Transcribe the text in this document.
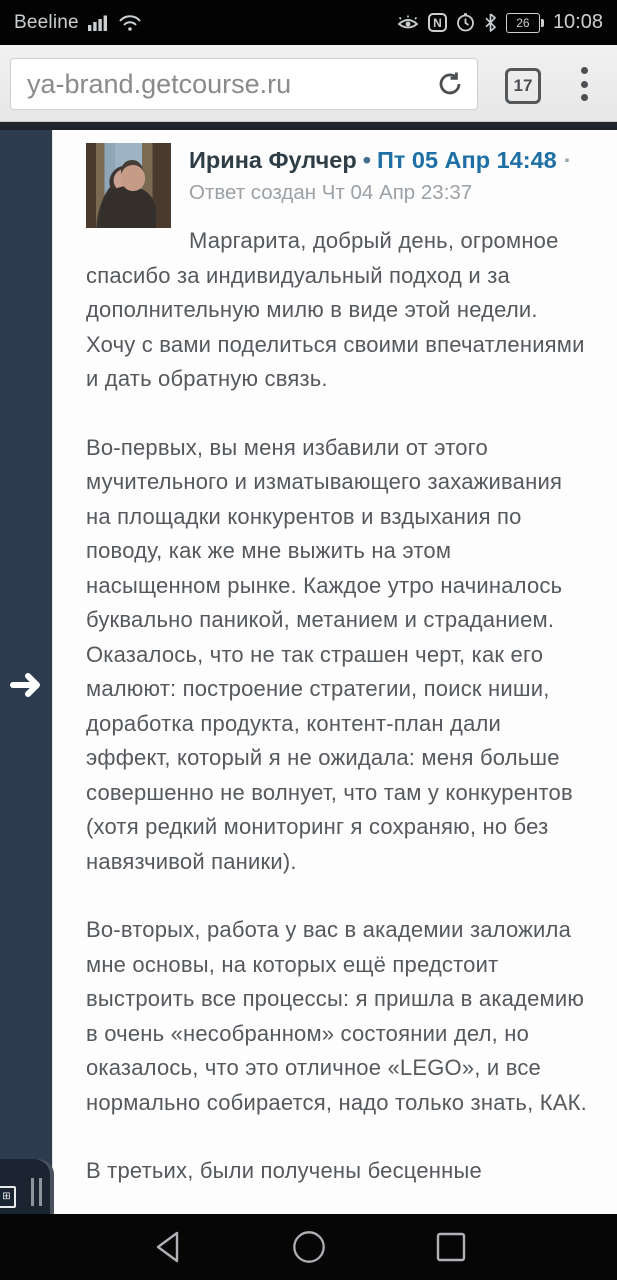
Beeline	N	26	10:08
ya-brand.getcourse.ru	17
Ирина Фулчер • Пт 05 Апр 14:48 ·
Ответ создан Чт 04 Апр 23:37

Маргарита, добрый день, огромное спасибо за индивидуальный подход и за дополнительную милю в виде этой недели. Хочу с вами поделиться своими впечатлениями и дать обратную связь.

Во-первых, вы меня избавили от этого мучительного и изматывающего захаживания на площадки конкурентов и вздыхания по поводу, как же мне выжить на этом насыщенном рынке. Каждое утро начиналось буквально паникой, метанием и страданием. Оказалось, что не так страшен черт, как его малюют: построение стратегии, поиск ниши, доработка продукта, контент-план дали эффект, который я не ожидала: меня больше совершенно не волнует, что там у конкурентов (хотя редкий мониторинг я сохраняю, но без навязчивой паники).

Во-вторых, работа у вас в академии заложила мне основы, на которых ещё предстоит выстроить все процессы: я пришла в академию в очень «несобранном» состоянии дел, но оказалось, что это отличное «LEGO», и все нормально собирается, надо только знать, КАК.

В третьих, были получены бесценные

⊞
